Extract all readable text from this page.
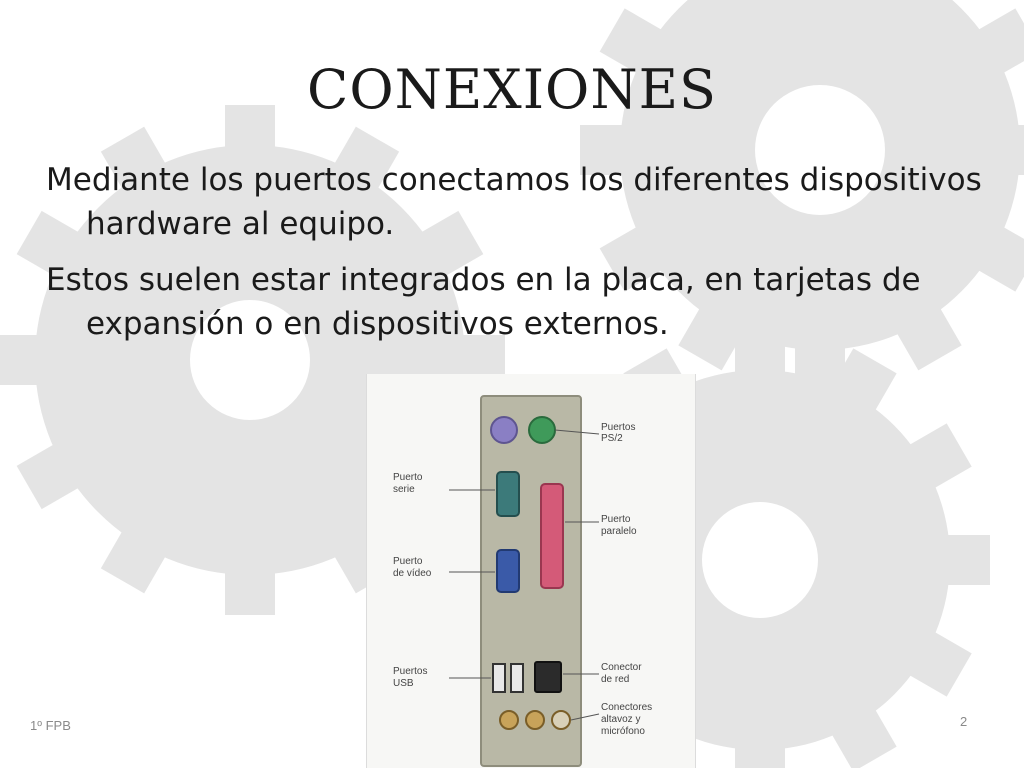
CONEXIONES

Mediante los puertos conectamos los diferentes dispositivos hardware al equipo.

Estos suelen estar integrados en la placa, en tarjetas de expansión o en dispositivos externos.

Puertos
PS/2
Puerto
serie
Puerto
paralelo
Puerto
de vídeo
Puertos
USB
Conector
de red
Conectores
altavoz y
micrófono
1º FPB	2
